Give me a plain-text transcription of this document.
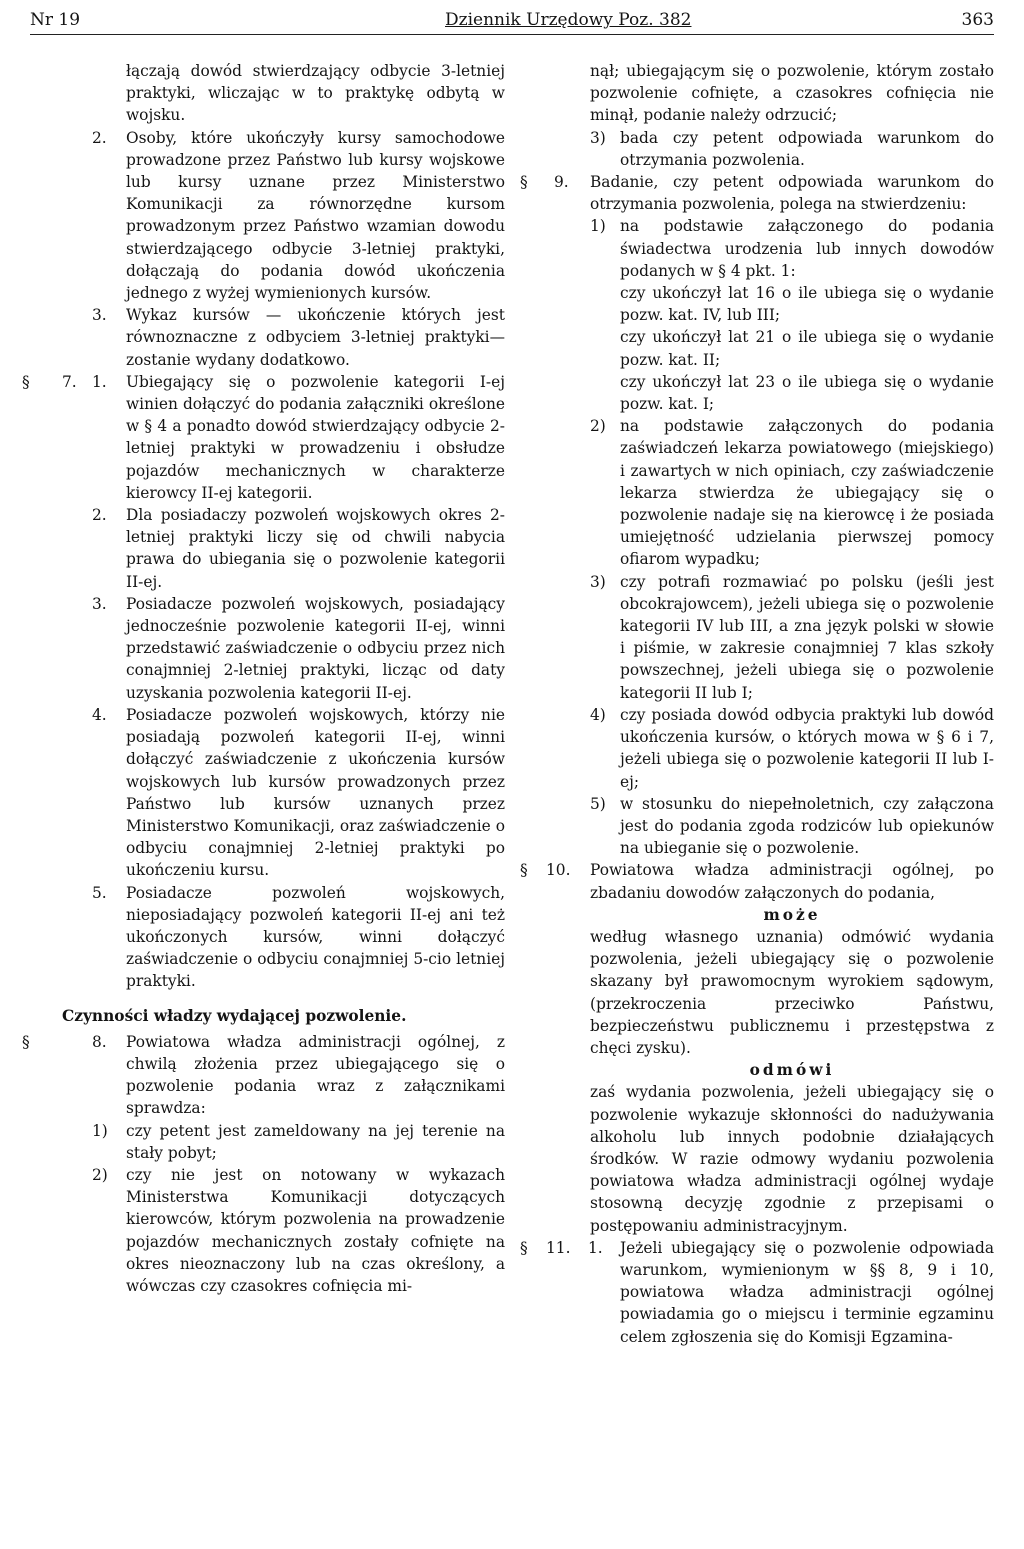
Nr 19	Dziennik Urzędowy Poz. 382	363
łączają dowód stwierdzający odbycie 3-letniej praktyki, wliczając w to praktykę odbytą w wojsku.
2. Osoby, które ukończyły kursy samochodowe prowadzone przez Państwo lub kursy wojskowe lub kursy uznane przez Ministerstwo Komunikacji za równorzędne kursom prowadzonym przez Państwo wzamian dowodu stwierdzającego odbycie 3-letniej praktyki, dołączają do podania dowód ukończenia jednego z wyżej wymienionych kursów.
3. Wykaz kursów — ukończenie których jest równoznaczne z odbyciem 3-letniej praktyki—zostanie wydany dodatkowo.
§ 7. 1. Ubiegający się o pozwolenie kategorii I-ej winien dołączyć do podania załączniki określone w § 4 a ponadto dowód stwierdzający odbycie 2-letniej praktyki w prowadzeniu i obsłudze pojazdów mechanicznych w charakterze kierowcy II-ej kategorii.
2. Dla posiadaczy pozwoleń wojskowych okres 2-letniej praktyki liczy się od chwili nabycia prawa do ubiegania się o pozwolenie kategorii II-ej.
3. Posiadacze pozwoleń wojskowych, posiadający jednocześnie pozwolenie kategorii II-ej, winni przedstawić zaświadczenie o odbyciu przez nich conajmniej 2-letniej praktyki, licząc od daty uzyskania pozwolenia kategorii II-ej.
4. Posiadacze pozwoleń wojskowych, którzy nie posiadają pozwoleń kategorii II-ej, winni dołączyć zaświadczenie z ukończenia kursów wojskowych lub kursów prowadzonych przez Państwo lub kursów uznanych przez Ministerstwo Komunikacji, oraz zaświadczenie o odbyciu conajmniej 2-letniej praktyki po ukończeniu kursu.
5. Posiadacze pozwoleń wojskowych, nieposiadający pozwoleń kategorii II-ej ani też ukończonych kursów, winni dołączyć zaświadczenie o odbyciu conajmniej 5-cio letniej praktyki.
Czynności władzy wydającej pozwolenie.
§	8. Powiatowa władza administracji ogólnej, z chwilą złożenia przez ubiegającego się o pozwolenie podania wraz z załącznikami sprawdza:
1) czy petent jest zameldowany na jej terenie na stały pobyt;
2) czy nie jest on notowany w wykazach Ministerstwa Komunikacji dotyczących kierowców, którym pozwolenia na prowadzenie pojazdów mechanicznych zostały cofnięte na okres nieoznaczony lub na czas określony, a wówczas czy czasokres cofnięcia mi-
nął; ubiegającym się o pozwolenie, którym zostało pozwolenie cofnięte, a czasokres cofnięcia nie minął, podanie należy odrzucić;
3) bada czy petent odpowiada warunkom do otrzymania pozwolenia.
§ 9. Badanie, czy petent odpowiada warunkom do otrzymania pozwolenia, polega na stwierdzeniu:
1) na podstawie załączonego do podania świadectwa urodzenia lub innych dowodów podanych w § 4 pkt. 1:
czy ukończył lat 16 o ile ubiega się o wydanie pozw. kat. IV, lub III;
czy ukończył lat 21 o ile ubiega się o wydanie pozw. kat. II;
czy ukończył lat 23 o ile ubiega się o wydanie pozw. kat. I;
2) na podstawie załączonych do podania zaświadczeń lekarza powiatowego (miejskiego) i zawartych w nich opiniach, czy zaświadczenie lekarza stwierdza że ubiegający się o pozwolenie nadaje się na kierowcę i że posiada umiejętność udzielania pierwszej pomocy ofiarom wypadku;
3) czy potrafi rozmawiać po polsku (jeśli jest obcokrajowcem), jeżeli ubiega się o pozwolenie kategorii IV lub III, a zna język polski w słowie i piśmie, w zakresie conajmniej 7 klas szkoły powszechnej, jeżeli ubiega się o pozwolenie kategorii II lub I;
4) czy posiada dowód odbycia praktyki lub dowód ukończenia kursów, o których mowa w § 6 i 7, jeżeli ubiega się o pozwolenie kategorii II lub I-ej;
5) w stosunku do niepełnoletnich, czy załączona jest do podania zgoda rodziców lub opiekunów na ubieganie się o pozwolenie.
§ 10. Powiatowa władza administracji ogólnej, po zbadaniu dowodów załączonych do podania,
może
według własnego uznania) odmówić wydania pozwolenia, jeżeli ubiegający się o pozwolenie skazany był prawomocnym wyrokiem sądowym, (przekroczenia przeciwko Państwu, bezpieczeństwu publicznemu i przestępstwa z chęci zysku).
odmówi
zaś wydania pozwolenia, jeżeli ubiegający się o pozwolenie wykazuje skłonności do nadużywania alkoholu lub innych podobnie działających środków. W razie odmowy wydaniu pozwolenia powiatowa władza administracji ogólnej wydaje stosowną decyzję zgodnie z przepisami o postępowaniu administracyjnym.
§ 11. 1. Jeżeli ubiegający się o pozwolenie odpowiada warunkom, wymienionym w §§ 8, 9 i 10, powiatowa władza administracji ogólnej powiadamia go o miejscu i terminie egzaminu celem zgłoszenia się do Komisji Egzamina-
